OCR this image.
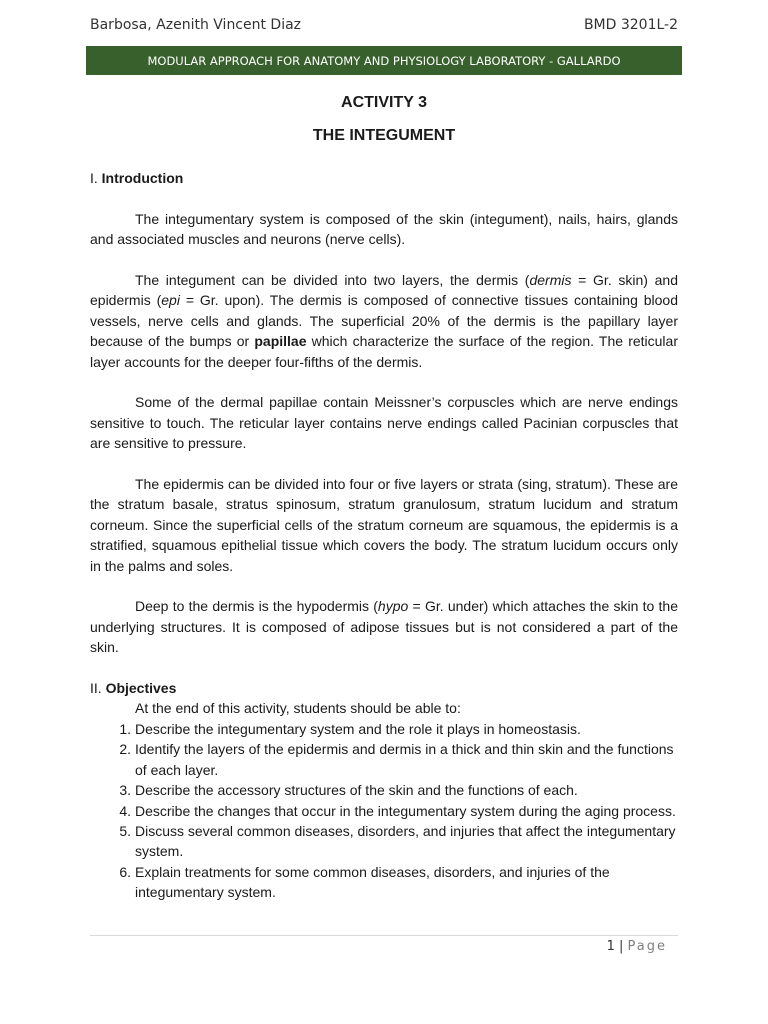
Barbosa, Azenith Vincent Diaz	BMD 3201L-2
MODULAR APPROACH FOR ANATOMY AND PHYSIOLOGY LABORATORY - GALLARDO
ACTIVITY 3
THE INTEGUMENT

I. Introduction

The integumentary system is composed of the skin (integument), nails, hairs, glands and associated muscles and neurons (nerve cells).

The integument can be divided into two layers, the dermis (dermis = Gr. skin) and epidermis (epi = Gr. upon). The dermis is composed of connective tissues containing blood vessels, nerve cells and glands. The superficial 20% of the dermis is the papillary layer because of the bumps or papillae which characterize the surface of the region. The reticular layer accounts for the deeper four-fifths of the dermis.

Some of the dermal papillae contain Meissner’s corpuscles which are nerve endings sensitive to touch. The reticular layer contains nerve endings called Pacinian corpuscles that are sensitive to pressure.

The epidermis can be divided into four or five layers or strata (sing, stratum). These are the stratum basale, stratus spinosum, stratum granulosum, stratum lucidum and stratum corneum. Since the superficial cells of the stratum corneum are squamous, the epidermis is a stratified, squamous epithelial tissue which covers the body. The stratum lucidum occurs only in the palms and soles.

Deep to the dermis is the hypodermis (hypo = Gr. under) which attaches the skin to the underlying structures. It is composed of adipose tissues but is not considered a part of the skin.

II. Objectives

At the end of this activity, students should be able to:

1. Describe the integumentary system and the role it plays in homeostasis.
2. Identify the layers of the epidermis and dermis in a thick and thin skin and the functions of each layer.
3. Describe the accessory structures of the skin and the functions of each.
4. Describe the changes that occur in the integumentary system during the aging process.
5. Discuss several common diseases, disorders, and injuries that affect the integumentary system.
6. Explain treatments for some common diseases, disorders, and injuries of the integumentary system.
1 | Page
